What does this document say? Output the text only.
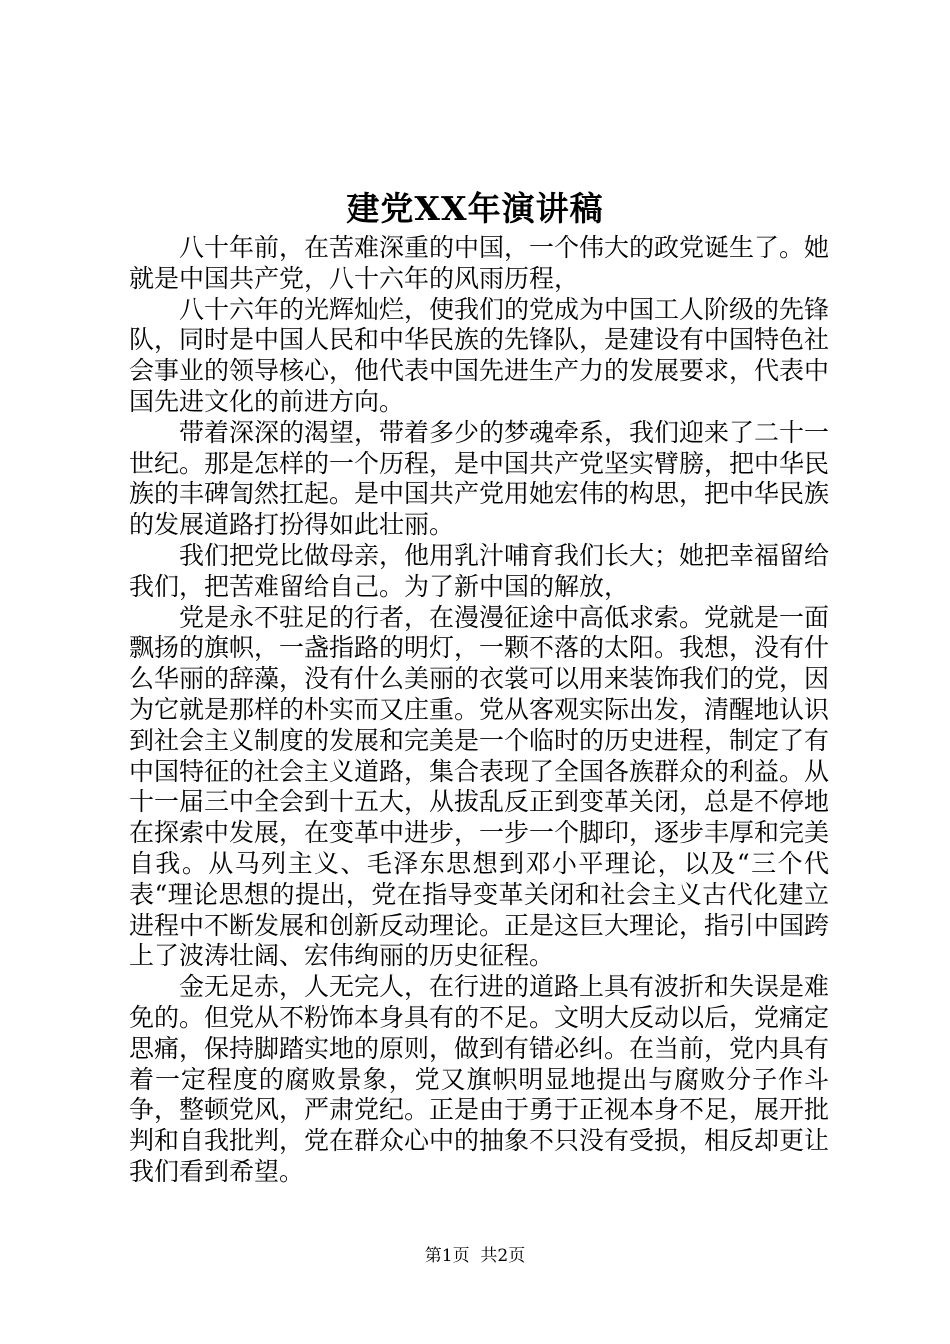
建党XX年演讲稿

八十年前，在苦难深重的中国，一个伟大的政党诞生了。她就是中国共产党，八十六年的风雨历程，

八十六年的光辉灿烂，使我们的党成为中国工人阶级的先锋队，同时是中国人民和中华民族的先锋队，是建设有中国特色社会事业的领导核心，他代表中国先进生产力的发展要求，代表中国先进文化的前进方向。

带着深深的渴望，带着多少的梦魂牵系，我们迎来了二十一世纪。那是怎样的一个历程，是中国共产党坚实臂膀，把中华民族的丰碑訇然扛起。是中国共产党用她宏伟的构思，把中华民族的发展道路打扮得如此壮丽。

我们把党比做母亲，他用乳汁哺育我们长大；她把幸福留给我们，把苦难留给自己。为了新中国的解放，

党是永不驻足的行者，在漫漫征途中高低求索。党就是一面飘扬的旗帜，一盏指路的明灯，一颗不落的太阳。我想，没有什么华丽的辞藻，没有什么美丽的衣裳可以用来装饰我们的党，因为它就是那样的朴实而又庄重。党从客观实际出发，清醒地认识到社会主义制度的发展和完美是一个临时的历史进程，制定了有中国特征的社会主义道路，集合表现了全国各族群众的利益。从十一届三中全会到十五大，从拔乱反正到变革关闭，总是不停地在探索中发展，在变革中进步，一步一个脚印，逐步丰厚和完美自我。从马列主义、毛泽东思想到邓小平理论，以及“三个代表“理论思想的提出，党在指导变革关闭和社会主义古代化建立进程中不断发展和创新反动理论。正是这巨大理论，指引中国跨上了波涛壮阔、宏伟绚丽的历史征程。

金无足赤，人无完人，在行进的道路上具有波折和失误是难免的。但党从不粉饰本身具有的不足。文明大反动以后，党痛定思痛，保持脚踏实地的原则，做到有错必纠。在当前，党内具有着一定程度的腐败景象，党又旗帜明显地提出与腐败分子作斗争，整顿党风，严肃党纪。正是由于勇于正视本身不足，展开批判和自我批判，党在群众心中的抽象不只没有受损，相反却更让我们看到希望。

第1页 共2页
